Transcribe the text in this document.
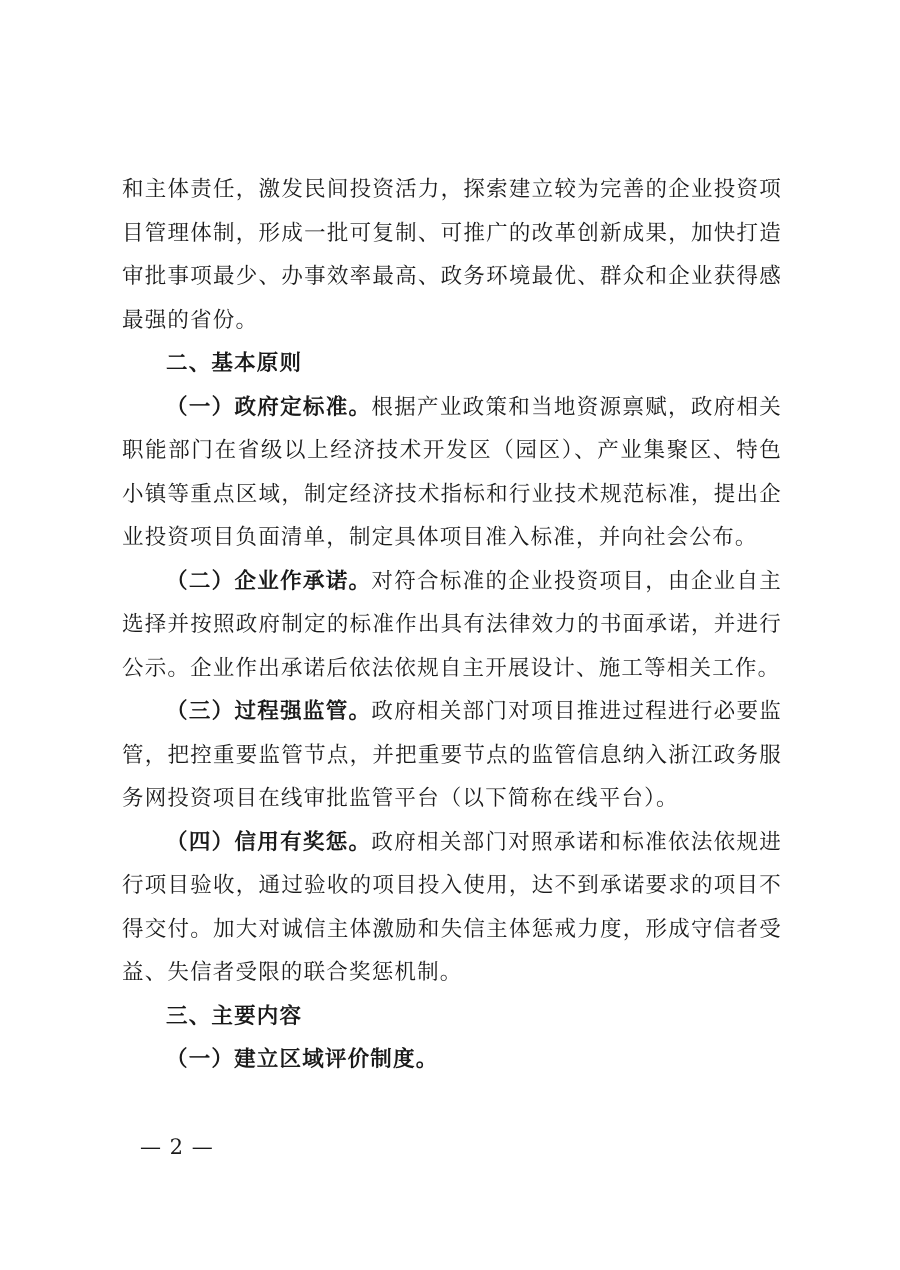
和主体责任，激发民间投资活力，探索建立较为完善的企业投资项目管理体制，形成一批可复制、可推广的改革创新成果，加快打造审批事项最少、办事效率最高、政务环境最优、群众和企业获得感最强的省份。

二、基本原则

（一）政府定标准。根据产业政策和当地资源禀赋，政府相关职能部门在省级以上经济技术开发区（园区）、产业集聚区、特色小镇等重点区域，制定经济技术指标和行业技术规范标准，提出企业投资项目负面清单，制定具体项目准入标准，并向社会公布。

（二）企业作承诺。对符合标准的企业投资项目，由企业自主选择并按照政府制定的标准作出具有法律效力的书面承诺，并进行公示。企业作出承诺后依法依规自主开展设计、施工等相关工作。

（三）过程强监管。政府相关部门对项目推进过程进行必要监管，把控重要监管节点，并把重要节点的监管信息纳入浙江政务服务网投资项目在线审批监管平台（以下简称在线平台）。

（四）信用有奖惩。政府相关部门对照承诺和标准依法依规进行项目验收，通过验收的项目投入使用，达不到承诺要求的项目不得交付。加大对诚信主体激励和失信主体惩戒力度，形成守信者受益、失信者受限的联合奖惩机制。

三、主要内容

（一）建立区域评价制度。

— 2 —
